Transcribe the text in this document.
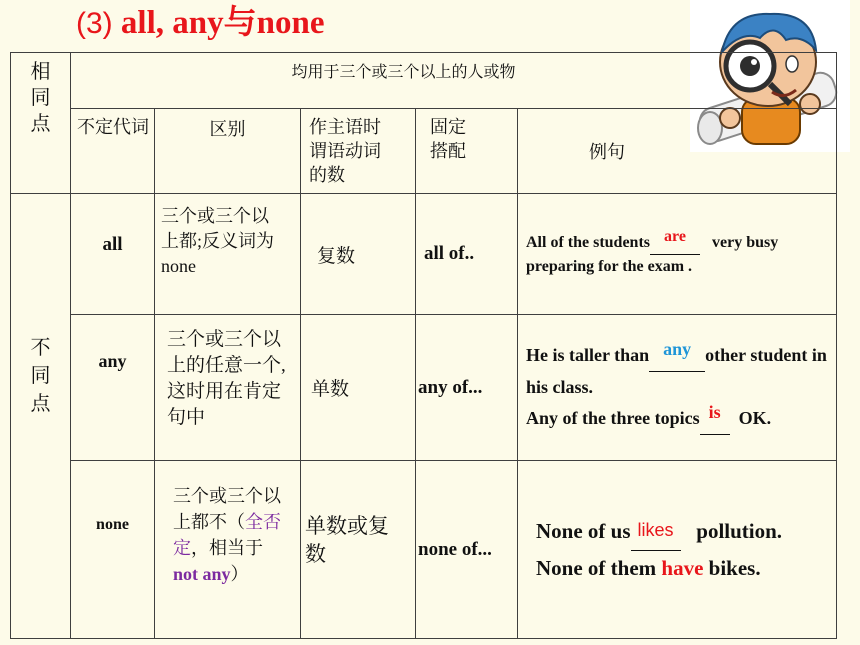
(3) all, any与none
相同点	均用于三个或三个以上的人或物				

	不定代词	区别	作主语时谓语动词的数	固定搭配	例句

不同点	all	三个或三个以上都;反义词为none	复数	all of..	All of the students are very busy preparing for the exam .
	any	三个或三个以上的任意一个, 这时用在肯定句中	单数	any of...	He is taller than any other student in his class.
Any of the three topics is OK.

	none	三个或三个以上都不（全否定，相当于not any）	单数或复数	none of...	None of us likes pollution.
None of them have bikes.
